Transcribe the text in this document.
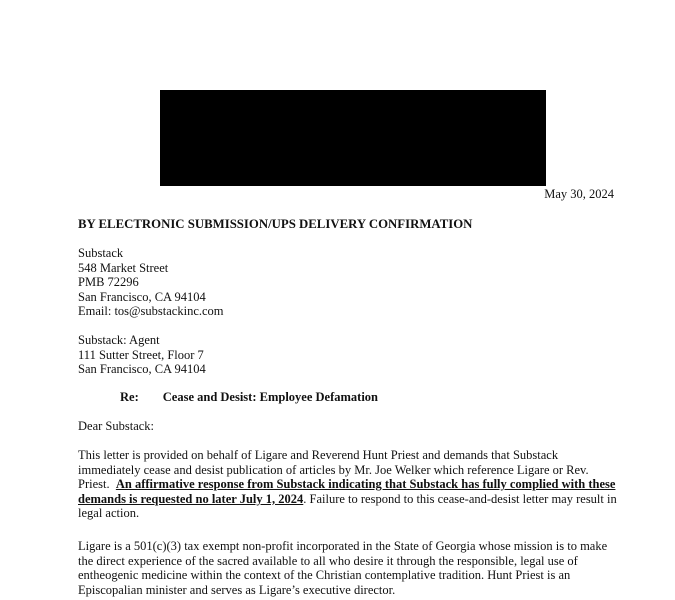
May 30, 2024
BY ELECTRONIC SUBMISSION/UPS DELIVERY CONFIRMATION
Substack
548 Market Street
PMB 72296
San Francisco, CA 94104
Email: tos@substackinc.com
Substack: Agent
111 Sutter Street, Floor 7
San Francisco, CA 94104
Re: Cease and Desist: Employee Defamation
Dear Substack:
This letter is provided on behalf of Ligare and Reverend Hunt Priest and demands that Substack immediately cease and desist publication of articles by Mr. Joe Welker which reference Ligare or Rev. Priest. An affirmative response from Substack indicating that Substack has fully complied with these demands is requested no later July 1, 2024. Failure to respond to this cease-and-desist letter may result in legal action.
Ligare is a 501(c)(3) tax exempt non-profit incorporated in the State of Georgia whose mission is to make the direct experience of the sacred available to all who desire it through the responsible, legal use of entheogenic medicine within the context of the Christian contemplative tradition. Hunt Priest is an Episcopalian minister and serves as Ligare’s executive director.
